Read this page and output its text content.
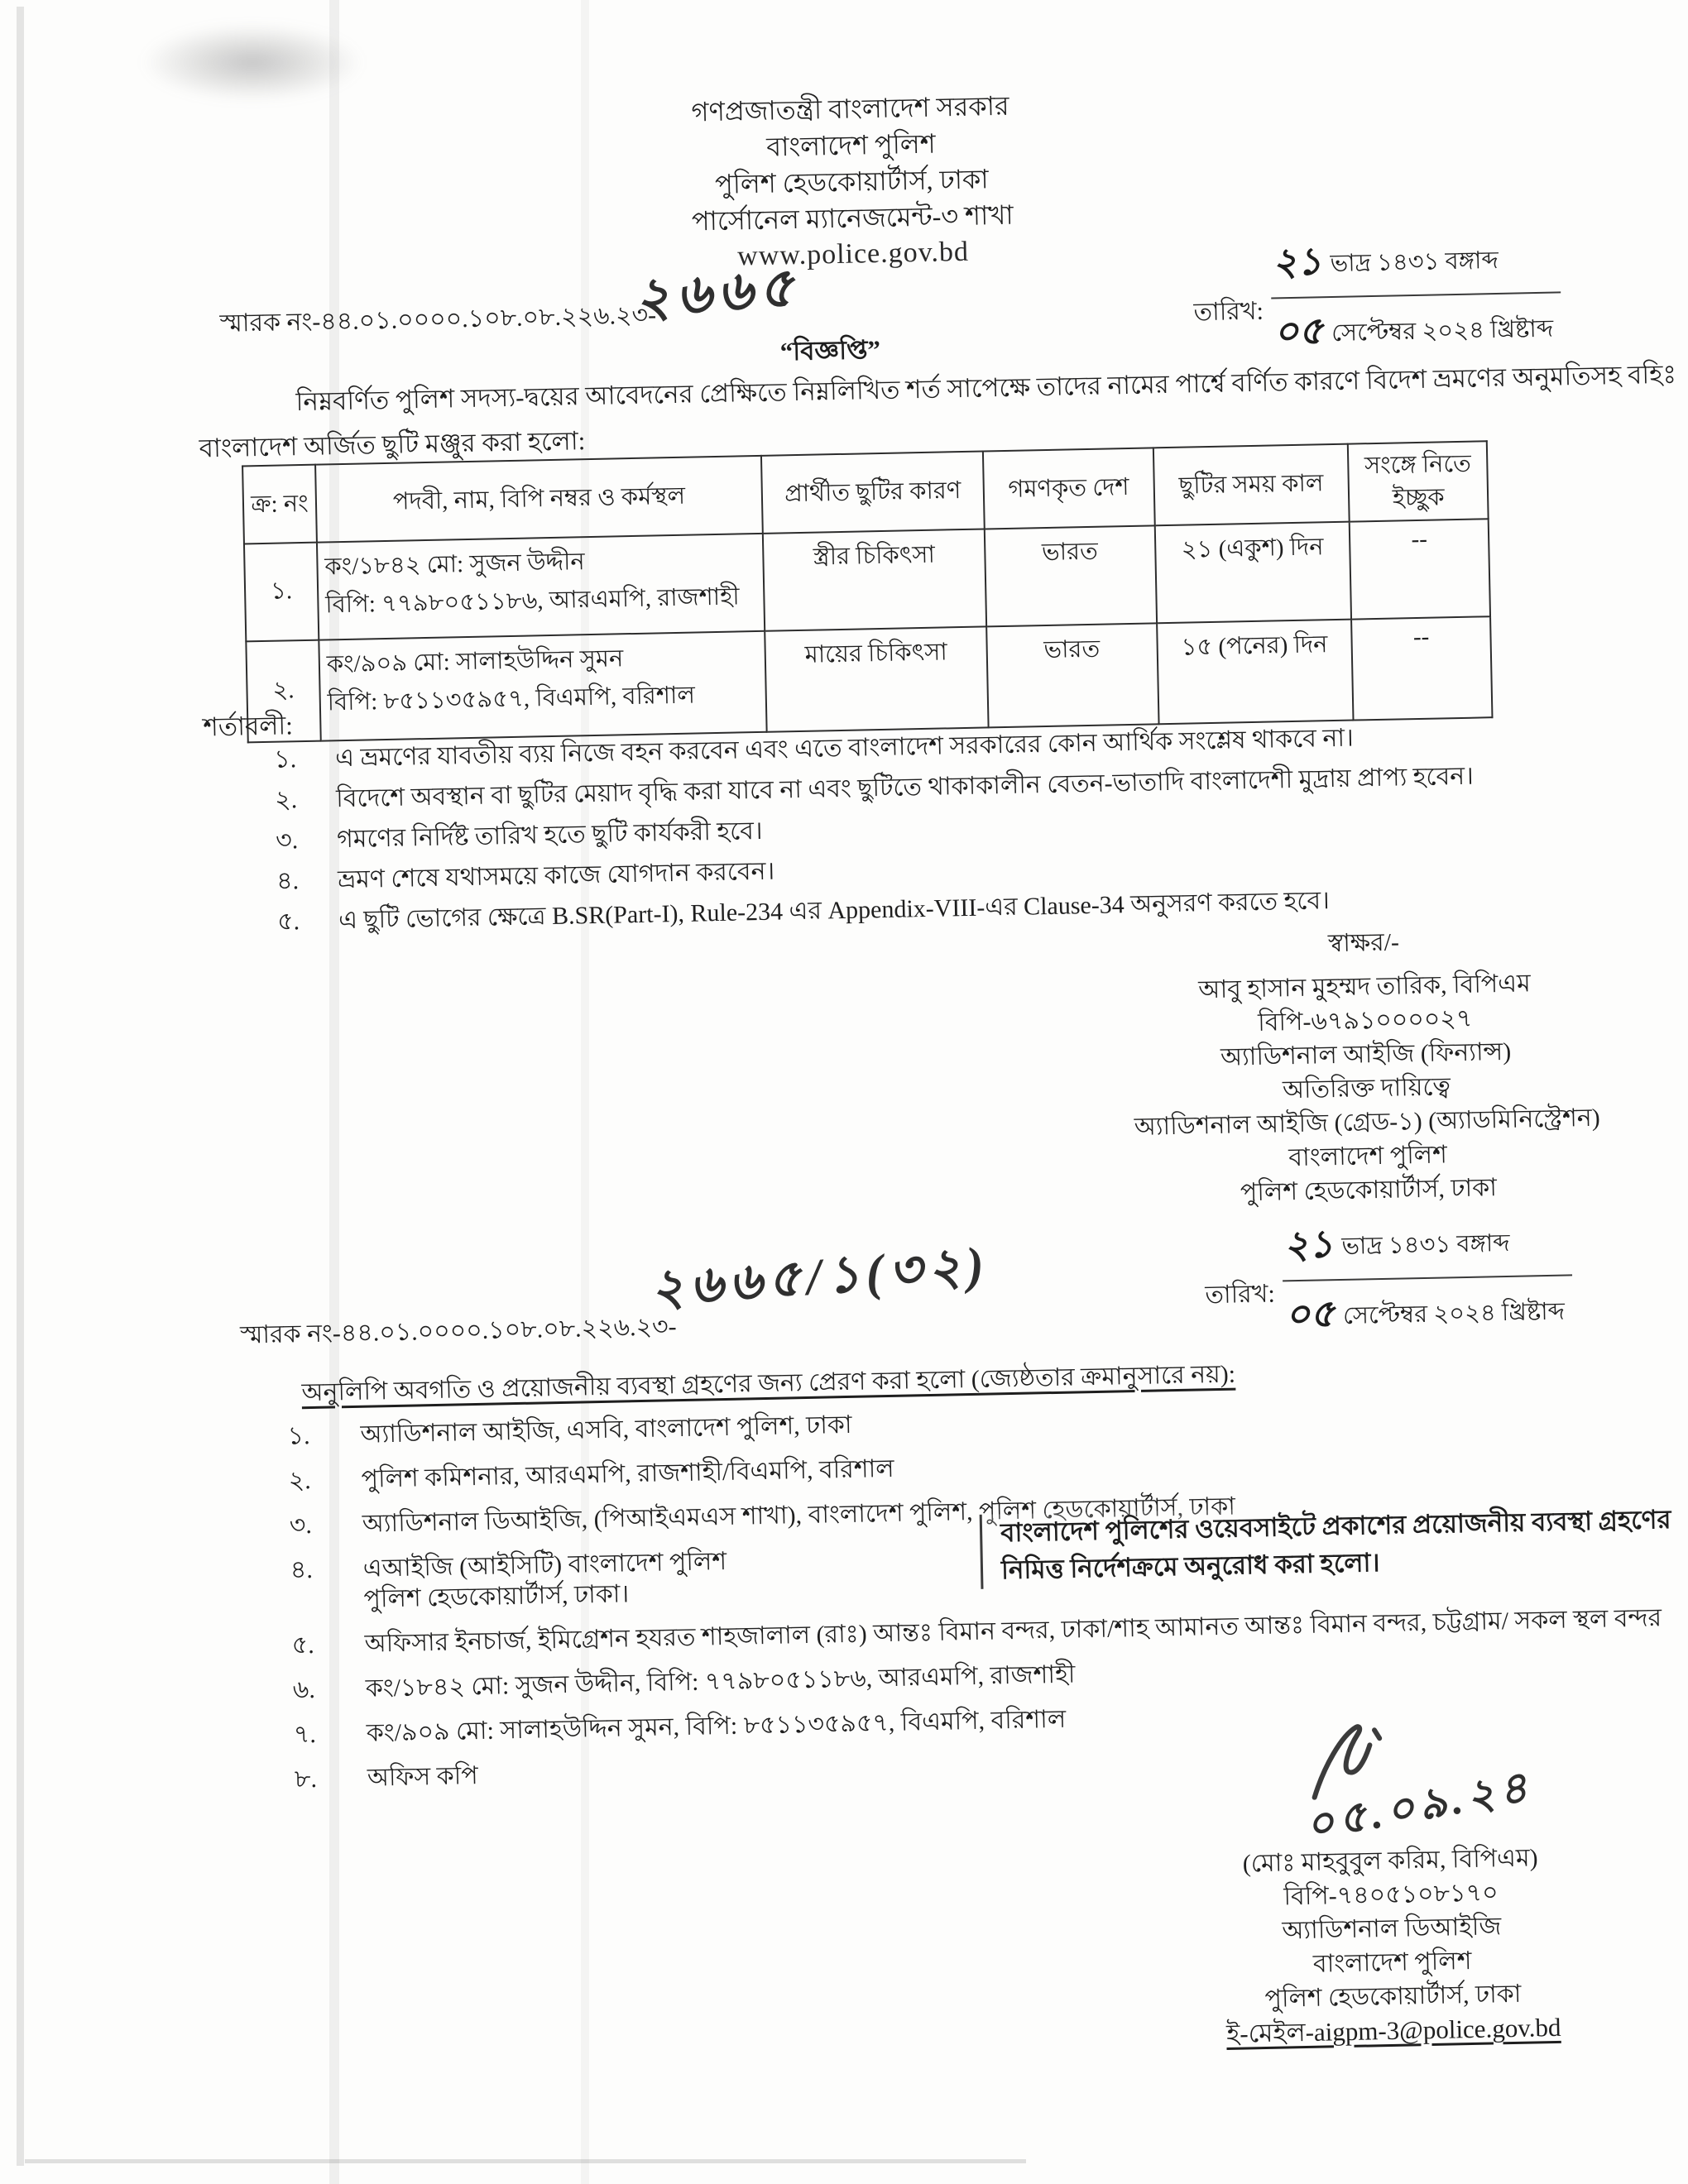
গণপ্রজাতন্ত্রী বাংলাদেশ সরকার
বাংলাদেশ পুলিশ
পুলিশ হেডকোয়ার্টার্স, ঢাকা
পার্সোনেল ম্যানেজমেন্ট-৩ শাখা
www.police.gov.bd
স্মারক নং-৪৪.০১.০০০০.১০৮.০৮.২২৬.২৩-
২৬৬৫	তারিখ:
২১ ভাদ্র ১৪৩১ বঙ্গাব্দ
০৫ সেপ্টেম্বর ২০২৪ খ্রিষ্টাব্দ
“বিজ্ঞপ্তি”
নিম্নবর্ণিত পুলিশ সদস্য-দ্বয়ের আবেদনের প্রেক্ষিতে নিম্নলিখিত শর্ত সাপেক্ষে তাদের নামের পার্শ্বে বর্ণিত কারণে বিদেশ ভ্রমণের অনুমতিসহ বহিঃ
বাংলাদেশ অর্জিত ছুটি মঞ্জুর করা হলো:
ক্র: নং	পদবী, নাম, বিপি নম্বর ও কর্মস্থল	প্রার্থীত ছুটির কারণ	গমণকৃত দেশ	ছুটির সময় কাল	সংঙ্গে নিতে ইচ্ছুক
১.	কং/১৮৪২ মো: সুজন উদ্দীন
বিপি: ৭৭৯৮০৫১১৮৬, আরএমপি, রাজশাহী	স্ত্রীর চিকিৎসা	ভারত	২১ (একুশ) দিন	--
২.	কং/৯০৯ মো: সালাহউদ্দিন সুমন
বিপি: ৮৫১১৩৫৯৫৭, বিএমপি, বরিশাল	মায়ের চিকিৎসা	ভারত	১৫ (পনের) দিন	--
শর্তাবলী:
১.	এ ভ্রমণের যাবতীয় ব্যয় নিজে বহন করবেন এবং এতে বাংলাদেশ সরকারের কোন আর্থিক সংশ্লেষ থাকবে না।
২.	বিদেশে অবস্থান বা ছুটির মেয়াদ বৃদ্ধি করা যাবে না এবং ছুটিতে থাকাকালীন বেতন-ভাতাদি বাংলাদেশী মুদ্রায় প্রাপ্য হবেন।
৩.	গমণের নির্দিষ্ট তারিখ হতে ছুটি কার্যকরী হবে।
৪.	ভ্রমণ শেষে যথাসময়ে কাজে যোগদান করবেন।
৫.	এ ছুটি ভোগের ক্ষেত্রে B.SR(Part-I), Rule-234 এর Appendix-VIII-এর Clause-34 অনুসরণ করতে হবে।
স্বাক্ষর/-
আবু হাসান মুহম্মদ তারিক, বিপিএম
বিপি-৬৭৯১০০০০২৭
অ্যাডিশনাল আইজি (ফিন্যান্স)
অতিরিক্ত দায়িত্বে
অ্যাডিশনাল আইজি (গ্রেড-১) (অ্যাডমিনিস্ট্রেশন)
বাংলাদেশ পুলিশ
পুলিশ হেডকোয়ার্টার্স, ঢাকা
স্মারক নং-৪৪.০১.০০০০.১০৮.০৮.২২৬.২৩-
২৬৬৫/১(৩২)	তারিখ:
২১ ভাদ্র ১৪৩১ বঙ্গাব্দ
০৫ সেপ্টেম্বর ২০২৪ খ্রিষ্টাব্দ
অনুলিপি অবগতি ও প্রয়োজনীয় ব্যবস্থা গ্রহণের জন্য প্রেরণ করা হলো (জ্যেষ্ঠতার ক্রমানুসারে নয়):
১.	অ্যাডিশনাল আইজি, এসবি, বাংলাদেশ পুলিশ, ঢাকা
২.	পুলিশ কমিশনার, আরএমপি, রাজশাহী/বিএমপি, বরিশাল
৩.	অ্যাডিশনাল ডিআইজি, (পিআইএমএস শাখা), বাংলাদেশ পুলিশ, পুলিশ হেডকোয়ার্টার্স, ঢাকা
৪.	এআইজি (আইসিটি) বাংলাদেশ পুলিশ
পুলিশ হেডকোয়ার্টার্স, ঢাকা।
৫.	অফিসার ইনচার্জ, ইমিগ্রেশন হযরত শাহজালাল (রাঃ) আন্তঃ বিমান বন্দর, ঢাকা/শাহ আমানত আন্তঃ বিমান বন্দর, চট্টগ্রাম/ সকল স্থল বন্দর
৬.	কং/১৮৪২ মো: সুজন উদ্দীন, বিপি: ৭৭৯৮০৫১১৮৬, আরএমপি, রাজশাহী
৭.	কং/৯০৯ মো: সালাহউদ্দিন সুমন, বিপি: ৮৫১১৩৫৯৫৭, বিএমপি, বরিশাল
৮.	অফিস কপি
বাংলাদেশ পুলিশের ওয়েবসাইটে প্রকাশের প্রয়োজনীয় ব্যবস্থা গ্রহণের নিমিত্ত নির্দেশক্রমে অনুরোধ করা হলো।
০৫.০৯.২৪
(মোঃ মাহবুবুল করিম, বিপিএম)
বিপি-৭৪০৫১০৮১৭০
অ্যাডিশনাল ডিআইজি
বাংলাদেশ পুলিশ
পুলিশ হেডকোয়ার্টার্স, ঢাকা
ই-মেইল-aigpm-3@police.gov.bd
